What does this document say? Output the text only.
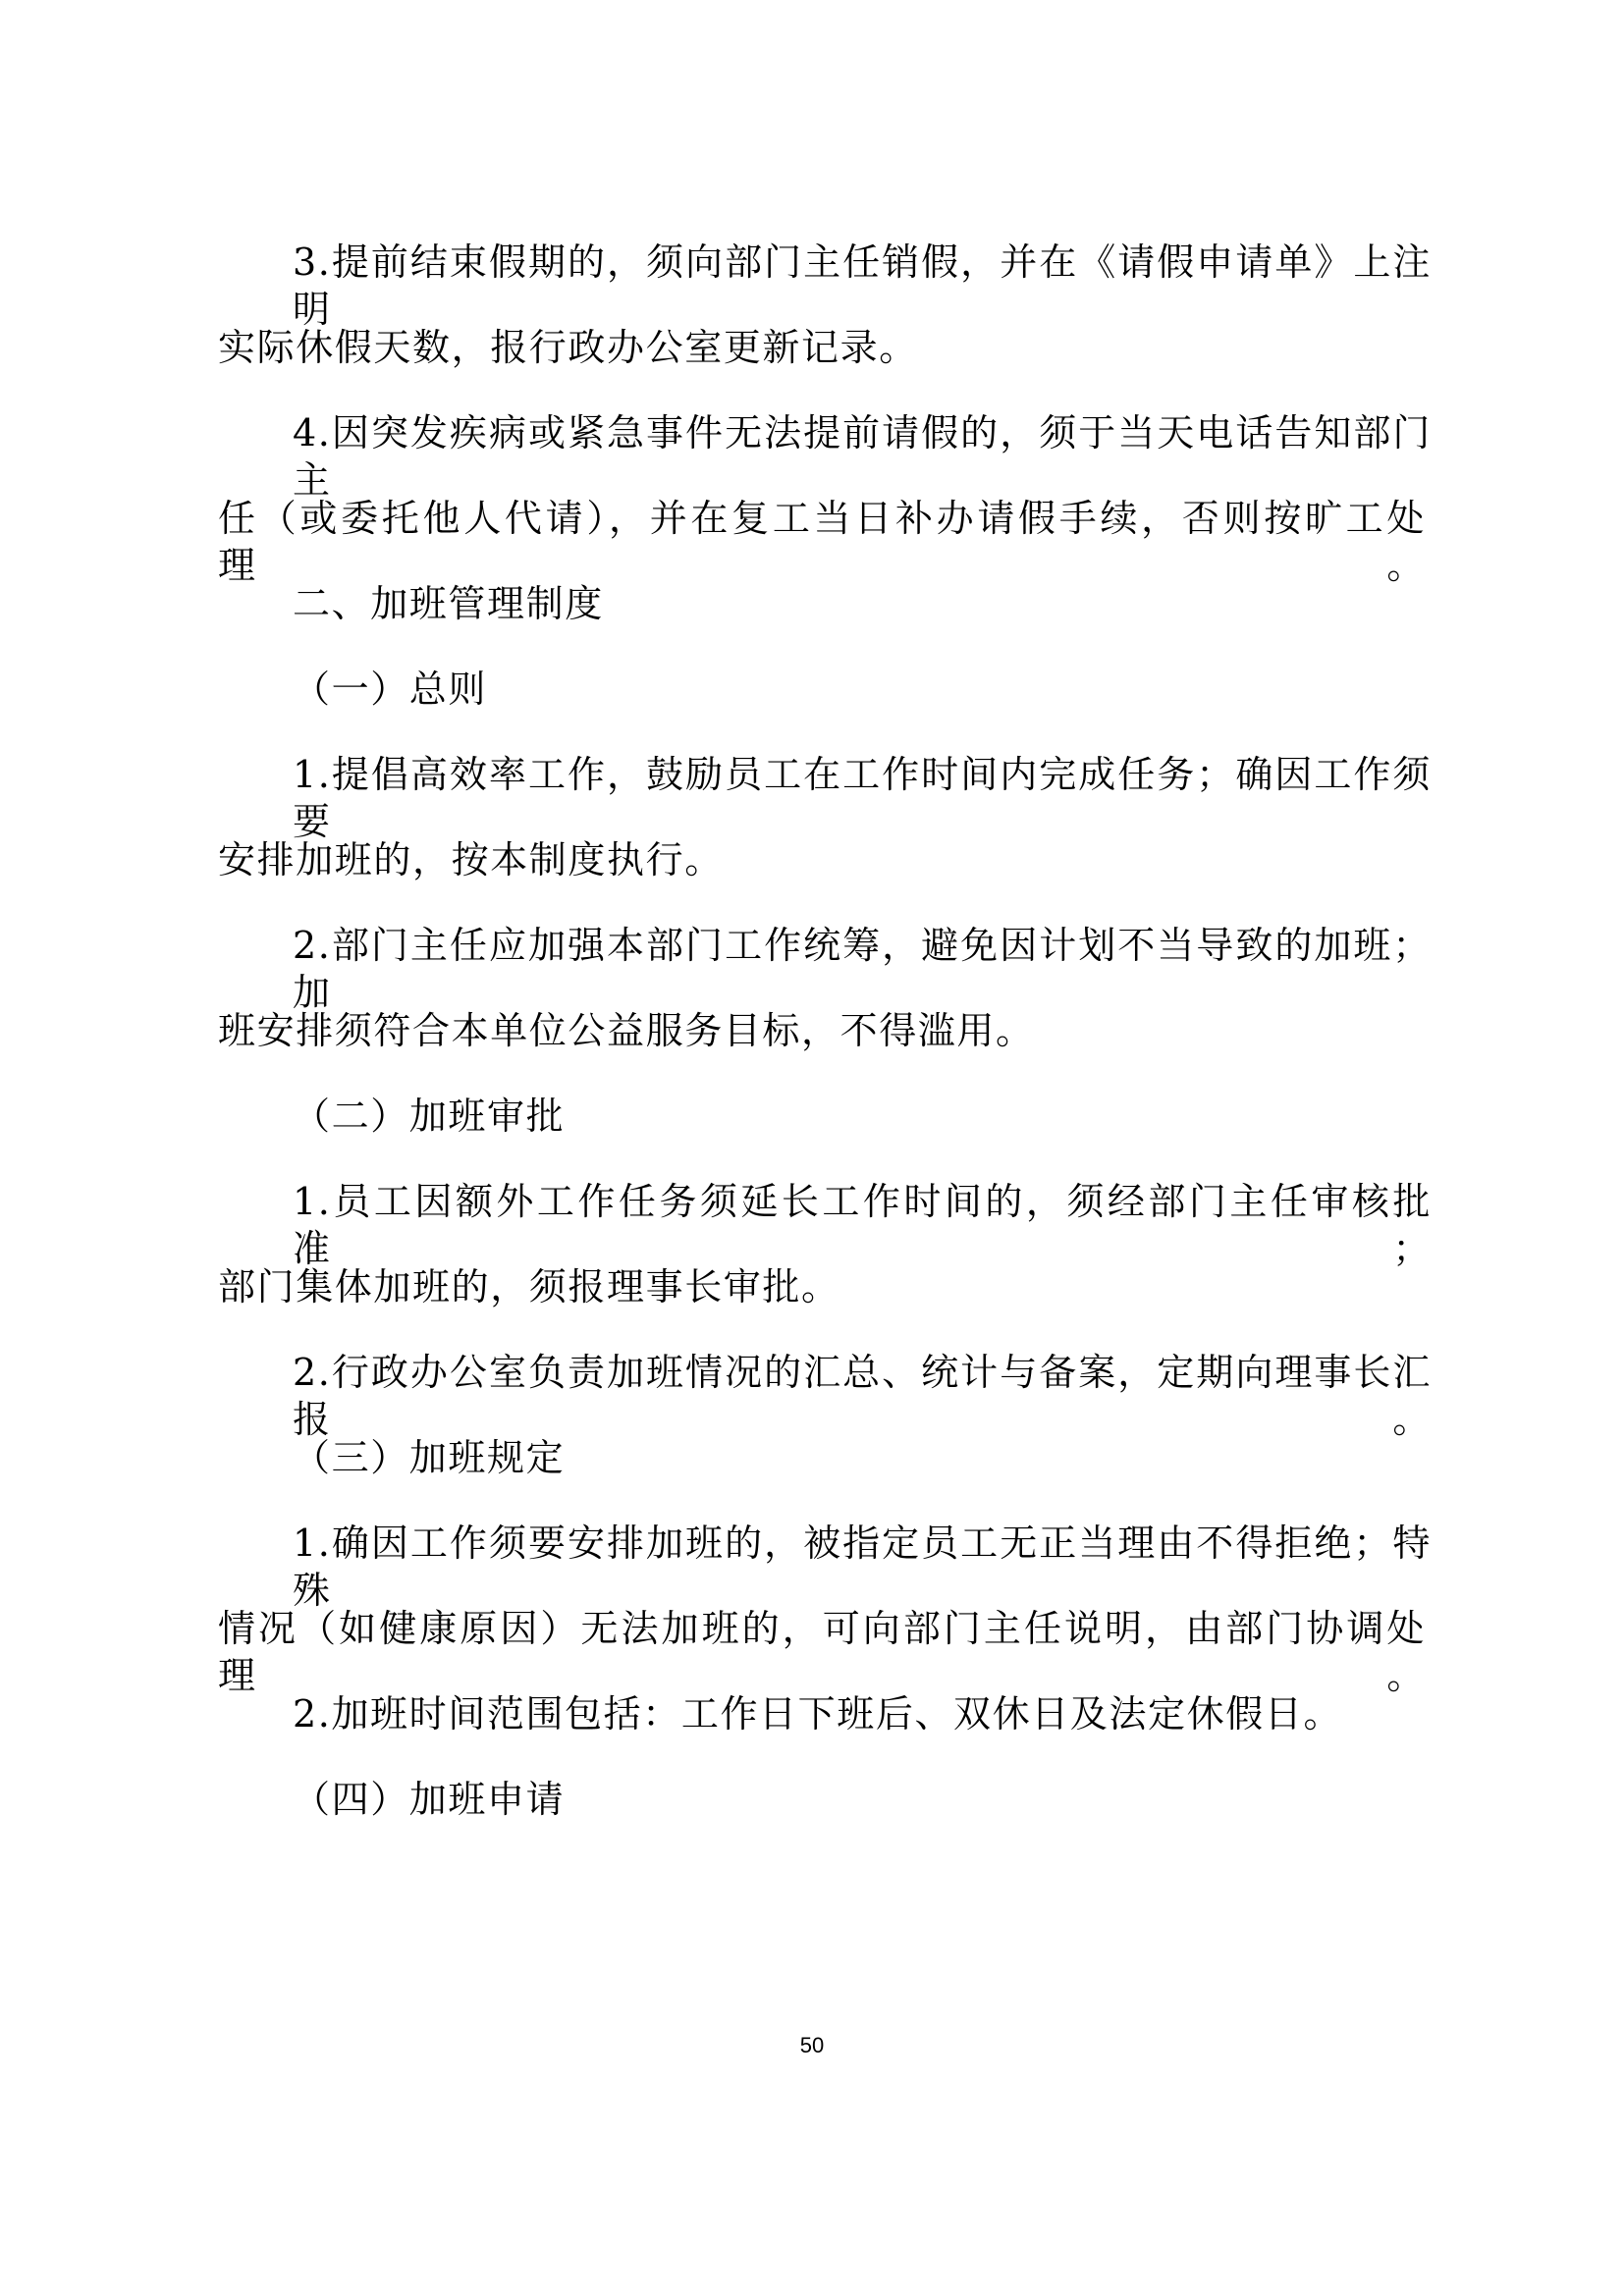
3.提前结束假期的，须向部门主任销假，并在《请假申请单》上注明
实际休假天数，报行政办公室更新记录。
4.因突发疾病或紧急事件无法提前请假的，须于当天电话告知部门主
任（或委托他人代请），并在复工当日补办请假手续，否则按旷工处理。
二、加班管理制度
（一）总则
1.提倡高效率工作，鼓励员工在工作时间内完成任务；确因工作须要
安排加班的，按本制度执行。
2.部门主任应加强本部门工作统筹，避免因计划不当导致的加班；加
班安排须符合本单位公益服务目标，不得滥用。
（二）加班审批
1.员工因额外工作任务须延长工作时间的，须经部门主任审核批准；
部门集体加班的，须报理事长审批。
2.行政办公室负责加班情况的汇总、统计与备案，定期向理事长汇报。
（三）加班规定
1.确因工作须要安排加班的，被指定员工无正当理由不得拒绝；特殊
情况（如健康原因）无法加班的，可向部门主任说明，由部门协调处理。
2.加班时间范围包括：工作日下班后、双休日及法定休假日。
（四）加班申请
50
